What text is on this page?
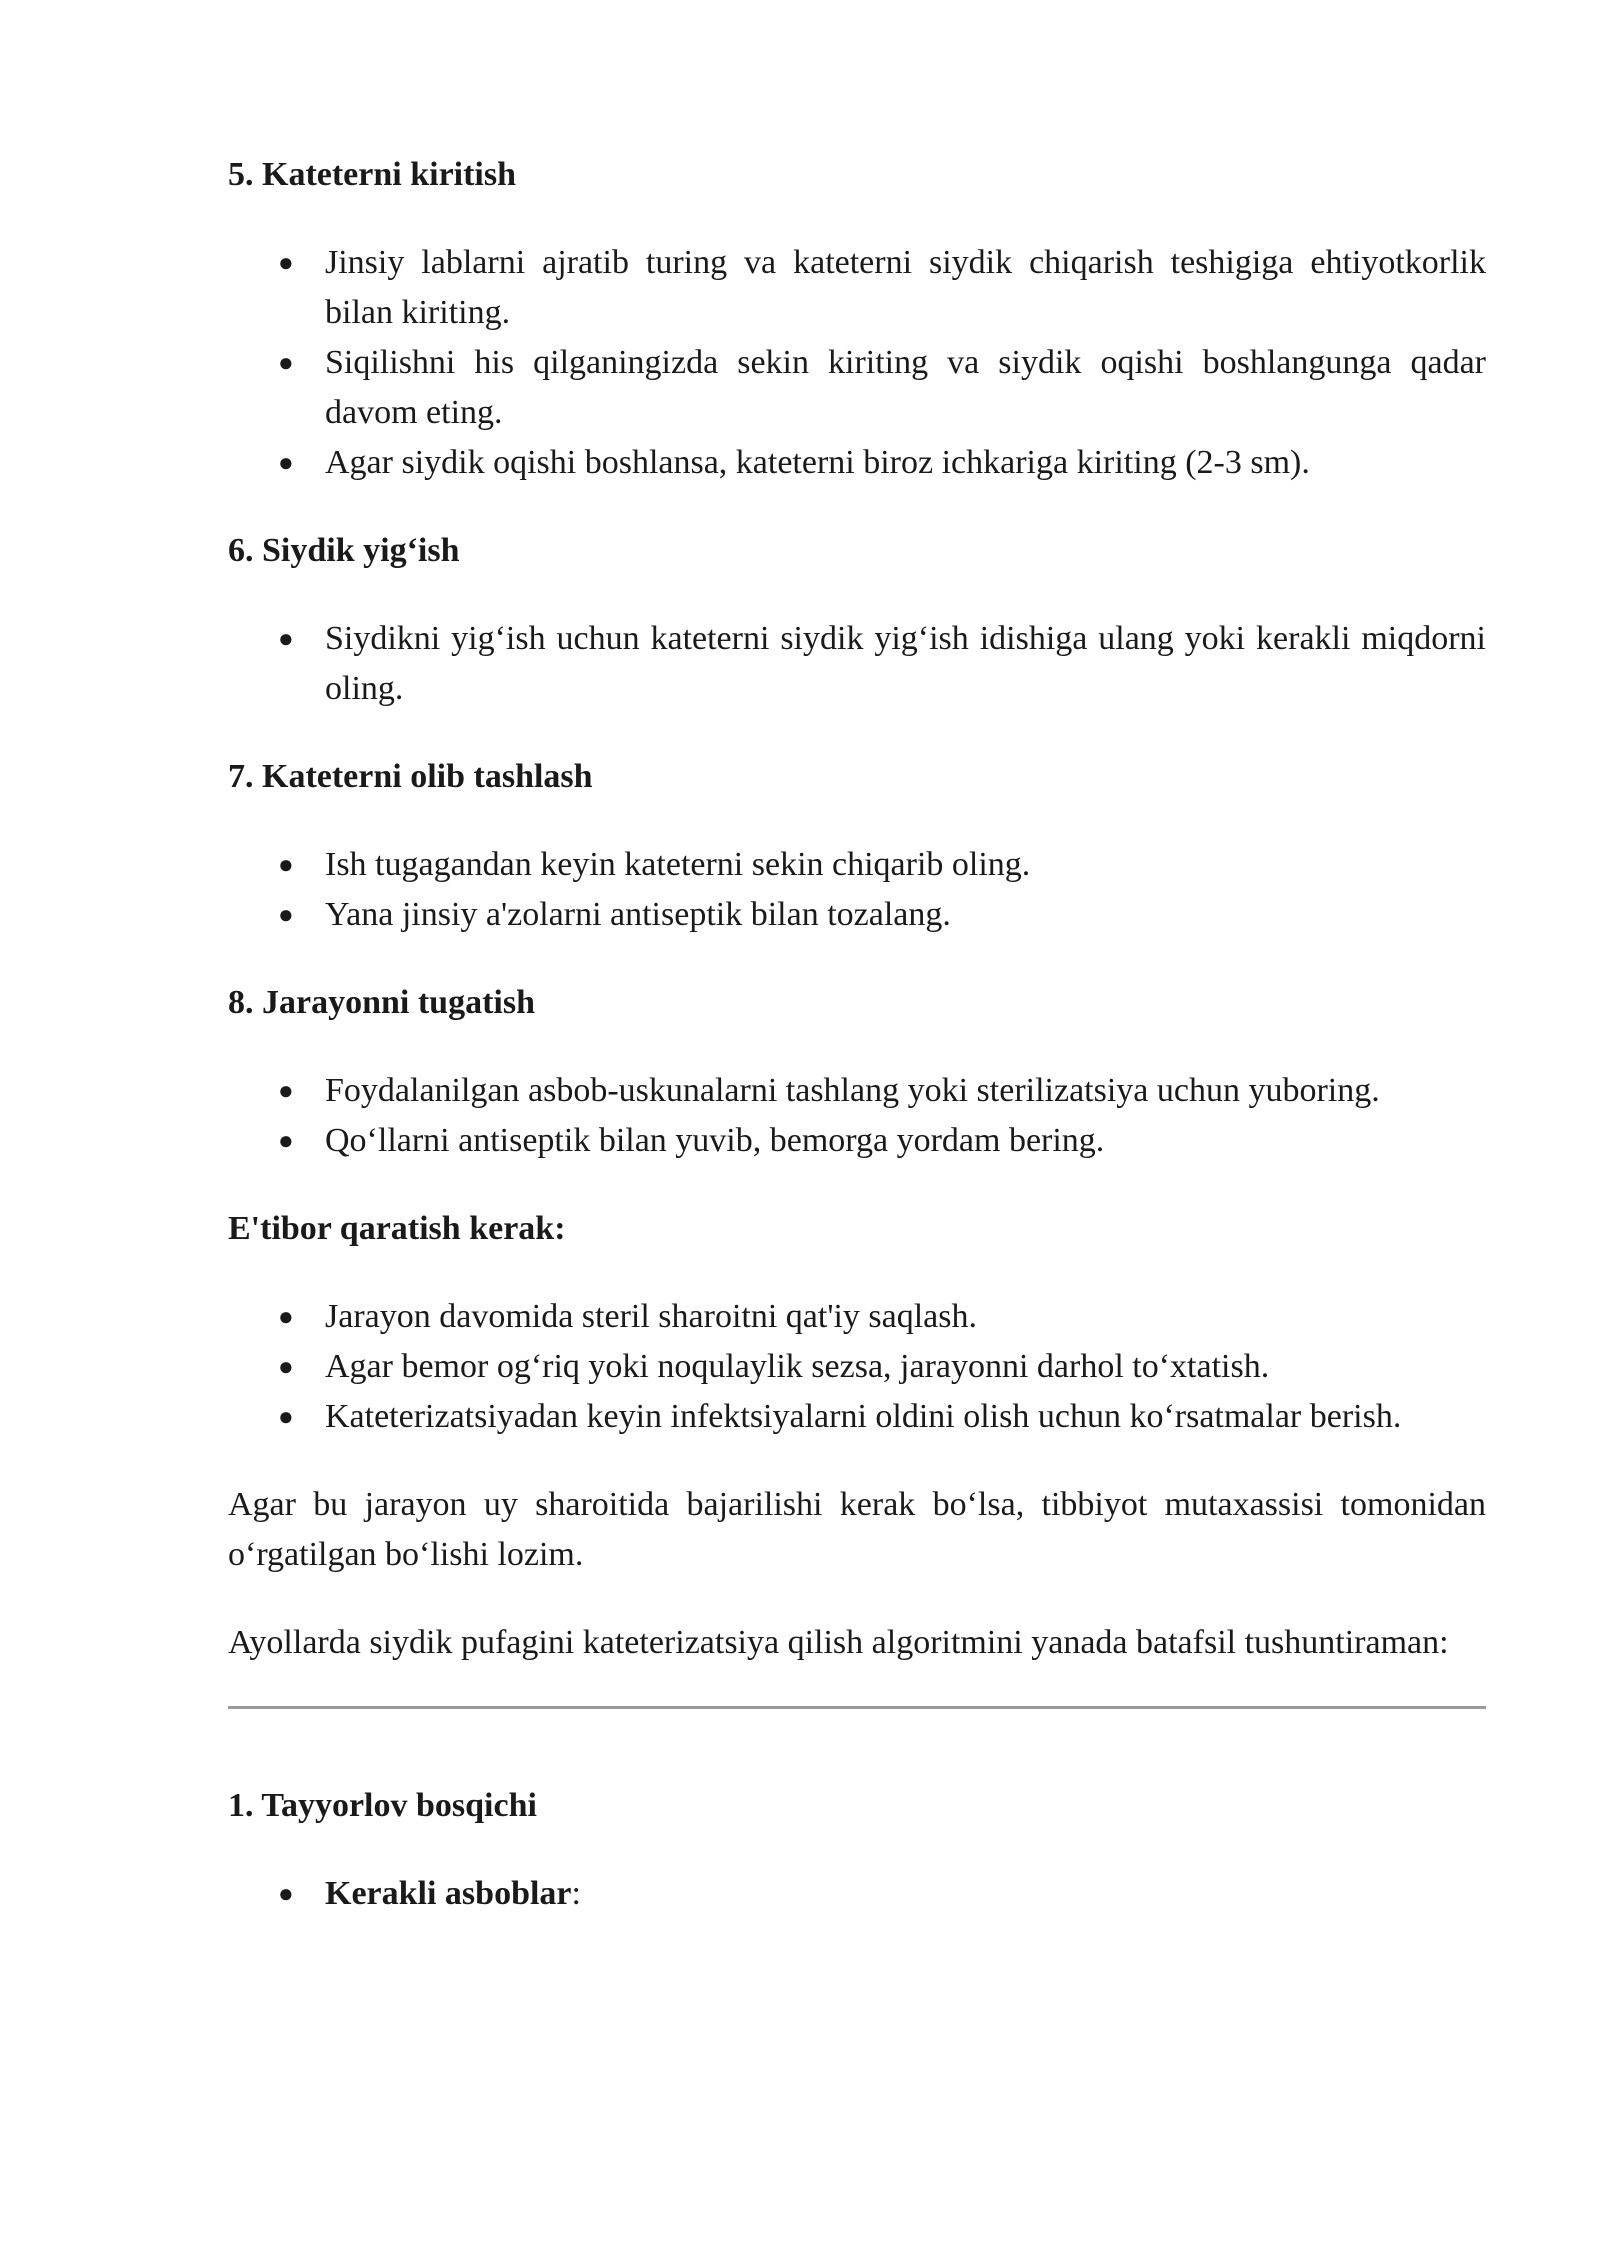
5. Kateterni kiritish
● Jinsiy lablarni ajratib turing va kateterni siydik chiqarish teshigiga ehtiyotkorlik bilan kiriting.
● Siqilishni his qilganingizda sekin kiriting va siydik oqishi boshlangunga qadar davom eting.
● Agar siydik oqishi boshlansa, kateterni biroz ichkariga kiriting (2-3 sm).
6. Siydik yig‘ish
● Siydikni yig‘ish uchun kateterni siydik yig‘ish idishiga ulang yoki kerakli miqdorni oling.
7. Kateterni olib tashlash
● Ish tugagandan keyin kateterni sekin chiqarib oling.
● Yana jinsiy a'zolarni antiseptik bilan tozalang.
8. Jarayonni tugatish
● Foydalanilgan asbob-uskunalarni tashlang yoki sterilizatsiya uchun yuboring.
● Qo‘llarni antiseptik bilan yuvib, bemorga yordam bering.
E'tibor qaratish kerak:
● Jarayon davomida steril sharoitni qat'iy saqlash.
● Agar bemor og‘riq yoki noqulaylik sezsa, jarayonni darhol to‘xtatish.
● Kateterizatsiyadan keyin infektsiyalarni oldini olish uchun ko‘rsatmalar berish.

Agar bu jarayon uy sharoitida bajarilishi kerak bo‘lsa, tibbiyot mutaxassisi tomonidan o‘rgatilgan bo‘lishi lozim.

Ayollarda siydik pufagini kateterizatsiya qilish algoritmini yanada batafsil tushuntiraman:

1. Tayyorlov bosqichi
● Kerakli asboblar:
